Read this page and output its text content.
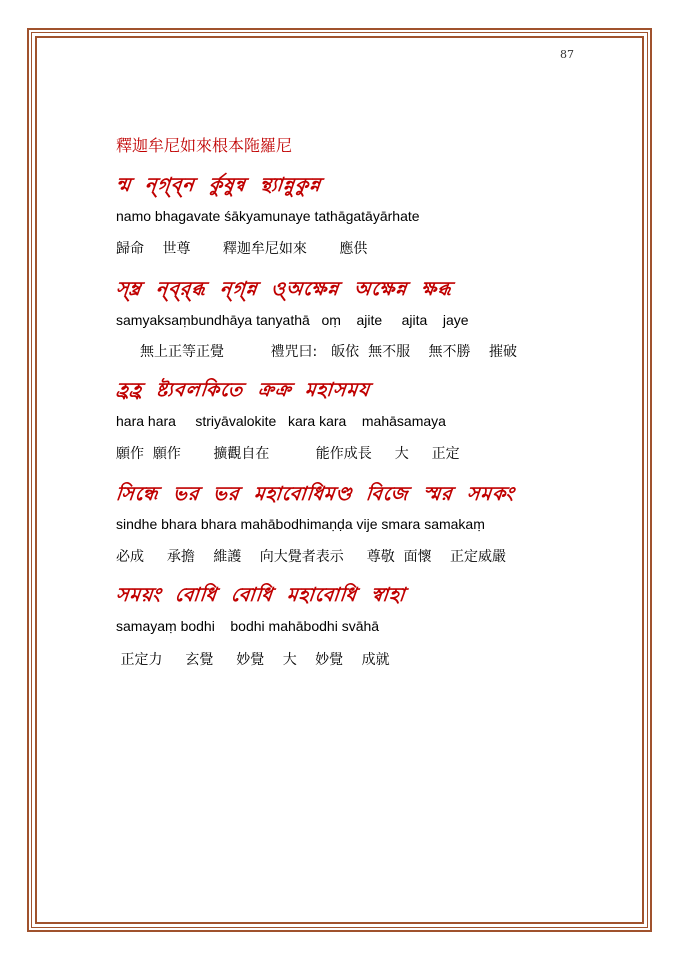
87
釋迦牟尼如來根本陁羅尼
ন্ম ন্গ্ব্ন ৰ্কুষুন্ব ন্থ্যান্নুকুন্ন
namo bhagavate śākyamunaye tathāgatāyārhate
歸命 　世尊 　　釋迦牟尼如來 　　應供
স্ম্ব্র ন্ব্র্ব্ধ ন্গ্ন্ন ও্অক্ষেন্ন অক্ষেন্ন ক্ষব্ধ
samyaksaṃbundhāya tanyathā   oṃ    ajite     ajita    jaye
無上正等正覺 　　　禮咒曰:　皈依  無不服 　無不勝 　摧破
হ্রহ্র ষ্ট্যবলকিতে ক্রক্র মহাসময
hara hara     striyāvalokite   kara kara    mahāsamaya
願作  願作 　　擴觀自在　 　　能作成長 　 大 　 正定
সিন্ধে ভর ভর মহাবোধিমণ্ড বিজে স্মর সমকং
sindhe bhara bhara mahābodhimaṇḍa vije smara samakaṃ
必成 　 承擔 　維護 　向大覺者表示 　 尊敬  面懷 　正定威嚴
সময়ং বোধি বোধি মহাবোধি স্বাহা
samayaṃ bodhi    bodhi mahābodhi svāhā
正定力 　 玄覺 　 妙覺 　大 　妙覺 　成就
